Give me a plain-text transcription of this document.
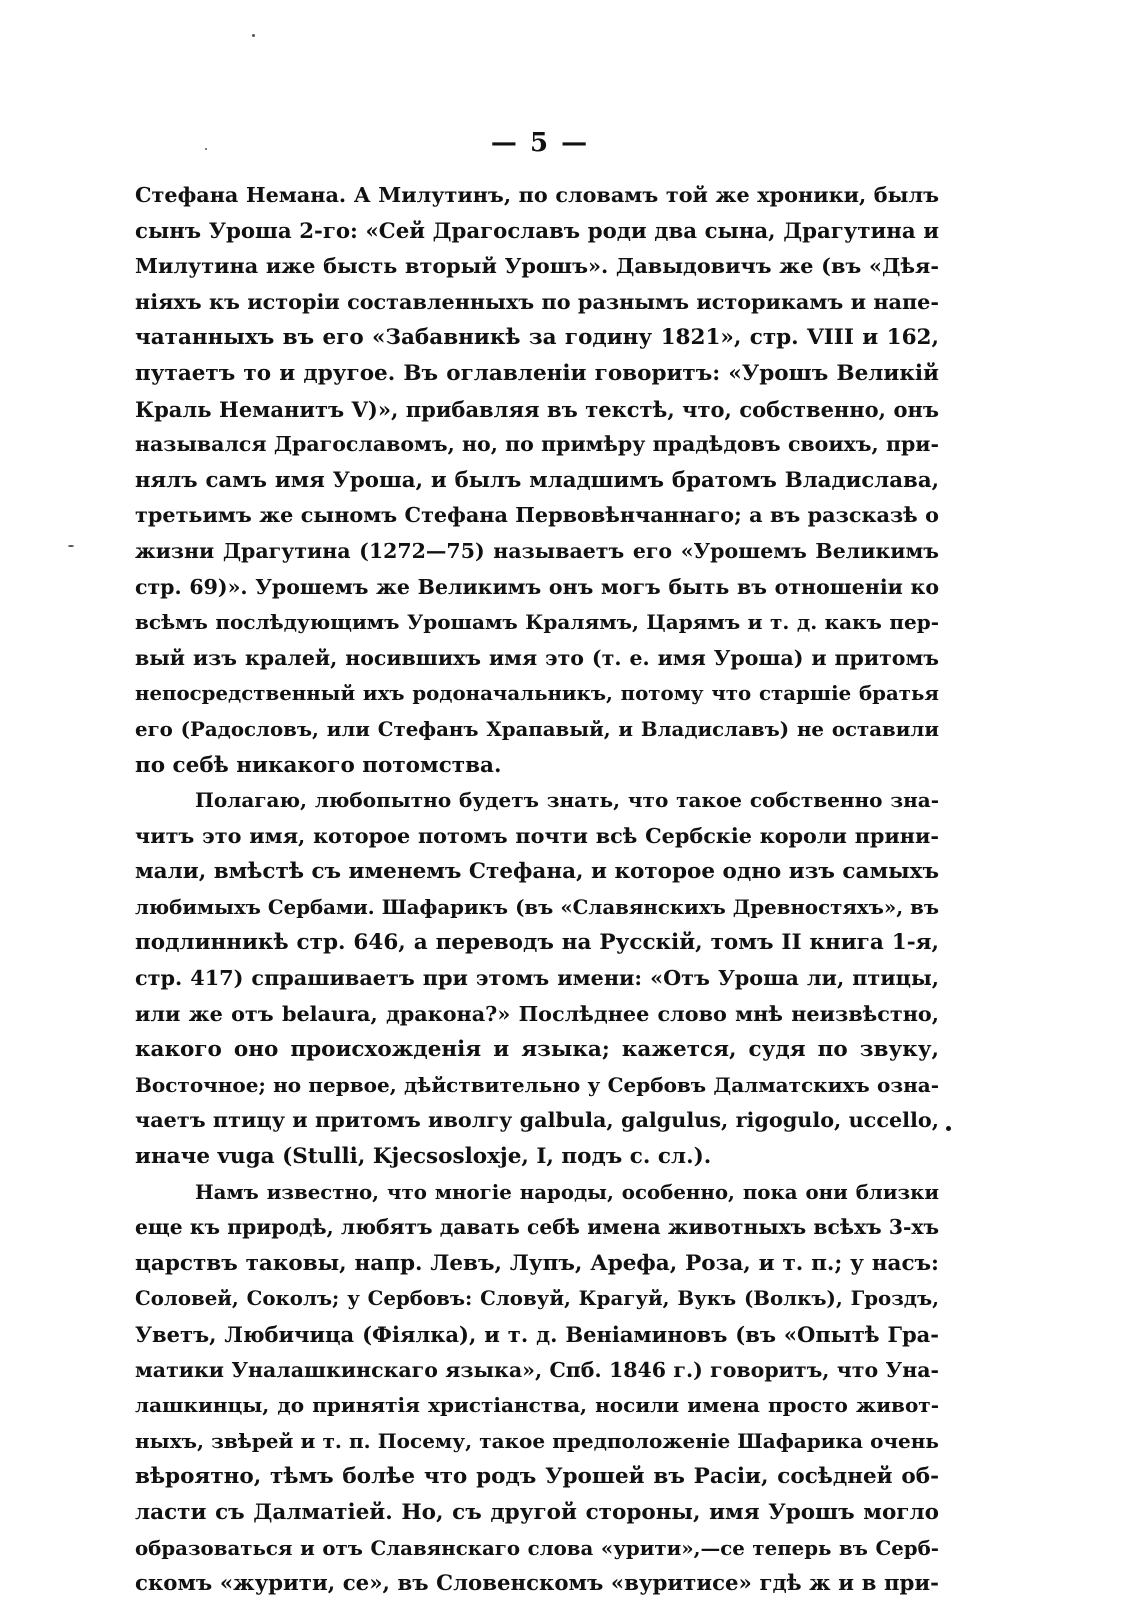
— 5 —
Стефана Немана. А Милутинъ, по словамъ той же хроники, былъ
сынъ Уроша 2-го: «Сей Драгославъ роди два сына, Драгутина и
Милутина иже бысть вторый Урошъ». Давыдовичъ же (въ «Дѣя-
ніяхъ къ исторіи составленныхъ по разнымъ историкамъ и напе-
чатанныхъ въ его «Забавникѣ за годину 1821», стр. VIII и 162,
путаетъ то и другое. Въ оглавленіи говоритъ: «Урошъ Великій
Краль Неманитъ V)», прибавляя въ текстѣ, что, собственно, онъ
назывался Драгославомъ, но, по примѣру прадѣдовъ своихъ, при-
нялъ самъ имя Уроша, и былъ младшимъ братомъ Владислава,
третьимъ же сыномъ Стефана Первовѣнчаннаго; а въ разсказѣ о
жизни Драгутина (1272—75) называетъ его «Урошемъ Великимъ
стр. 69)». Урошемъ же Великимъ онъ могъ быть въ отношеніи ко
всѣмъ послѣдующимъ Урошамъ Кралямъ, Царямъ и т. д. какъ пер-
вый изъ кралей, носившихъ имя это (т. е. имя Уроша) и притомъ
непосредственный ихъ родоначальникъ, потому что старшіе братья
его (Радословъ, или Стефанъ Храпавый, и Владиславъ) не оставили
по себѣ никакого потомства.
Полагаю, любопытно будетъ знать, что такое собственно зна-
читъ это имя, которое потомъ почти всѣ Сербскіе короли прини-
мали, вмѣстѣ съ именемъ Стефана, и которое одно изъ самыхъ
любимыхъ Сербами. Шафарикъ (въ «Славянскихъ Древностяхъ», въ
подлинникѣ стр. 646, а переводъ на Русскій, томъ II книга 1-я,
стр. 417) спрашиваетъ при этомъ имени: «Отъ Уроша ли, птицы,
или же отъ belaura, дракона?» Послѣднее слово мнѣ неизвѣстно,
какого оно происхожденія и языка; кажется, судя по звуку,
Восточное; но первое, дѣйствительно у Сербовъ Далматскихъ озна-
чаетъ птицу и притомъ иволгу galbula, galgulus, rigogulo, uccello,
иначе vuga (Stulli, Kjecsosloxje, I, подъ с. сл.).
Намъ известно, что многіе народы, особенно, пока они близки
еще къ природѣ, любятъ давать себѣ имена животныхъ всѣхъ 3-хъ
царствъ таковы, напр. Левъ, Лупъ, Арефа, Роза, и т. п.; у насъ:
Соловей, Соколъ; у Сербовъ: Словуй, Крагуй, Вукъ (Волкъ), Гроздъ,
Уветъ, Любичица (Фіялка), и т. д. Веніаминовъ (въ «Опытѣ Гра-
матики Уналашкинскаго языка», Спб. 1846 г.) говоритъ, что Уна-
лашкинцы, до принятія христіанства, носили имена просто живот-
ныхъ, звѣрей и т. п. Посему, такое предположеніе Шафарика очень
вѣроятно, тѣмъ болѣе что родъ Урошей въ Расіи, сосѣдней об-
ласти съ Далматіей. Но, съ другой стороны, имя Урошъ могло
образоваться и отъ Славянскаго слова «урити»,—се теперь въ Серб-
скомъ «журити, се», въ Словенскомъ «вуритисе» гдѣ ж и в при-
